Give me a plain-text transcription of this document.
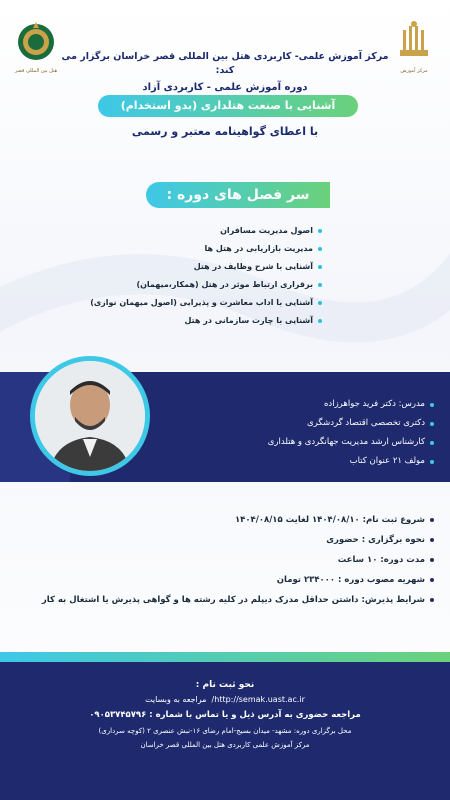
هتل بین المللی قصر	مرکز آموزش
مرکز آموزش علمی- کاربردی هتل بین المللی قصر خراسان برگزار می کند:
دوره آموزش علمی - کاربردی آزاد
آشنایی با صنعت هتلداری (بدو استخدام)
با اعطای گواهینامه معتبر و رسمی
سر فصل های دوره :
اصول مدیریت مسافران
مدیریت بازاریابی در هتل ها
آشنایی با شرح وظایف در هتل
برقراری ارتباط موثر در هتل (همکار،میهمان)
آشنایی با اداب معاشرت و پذیرایی (اصول میهمان نوازی)
آشنایی با چارت سازمانی در هتل
مدرس: دکتر فرید جواهرزاده
دکتری تخصصی اقتصاد گردشگری
کارشناس ارشد مدیریت جهانگردی و هتلداری
مولف ۲۱ عنوان کتاب
شروع ثبت نام: ۱۴۰۴/۰۸/۱۰ لغایت ۱۴۰۴/۰۸/۱۵
نحوه برگزاری : حضوری
مدت دوره: ۱۰ ساعت
شهریه مصوب دوره : ۲۳۴۰۰۰ تومان
شرایط پذیرش: داشتن حداقل مدرک دیپلم در کلیه رشته ها و گواهی پذیرش یا اشتغال به کار
نحو ثبت نام :
http://semak.uast.ac.ir/  مراجعه به وبسایت
مراجعه حضوری به آدرس ذیل و یا تماس با شماره : ۰۹۰۵۳۷۴۵۷۹۶
محل برگزاری دوره: مشهد- میدان بسیج-امام رضای ۱۶-نبش عنصری ۲ (کوچه سرداری)
مرکز آموزش علمی کاربردی هتل بین المللی قصر خراسان
